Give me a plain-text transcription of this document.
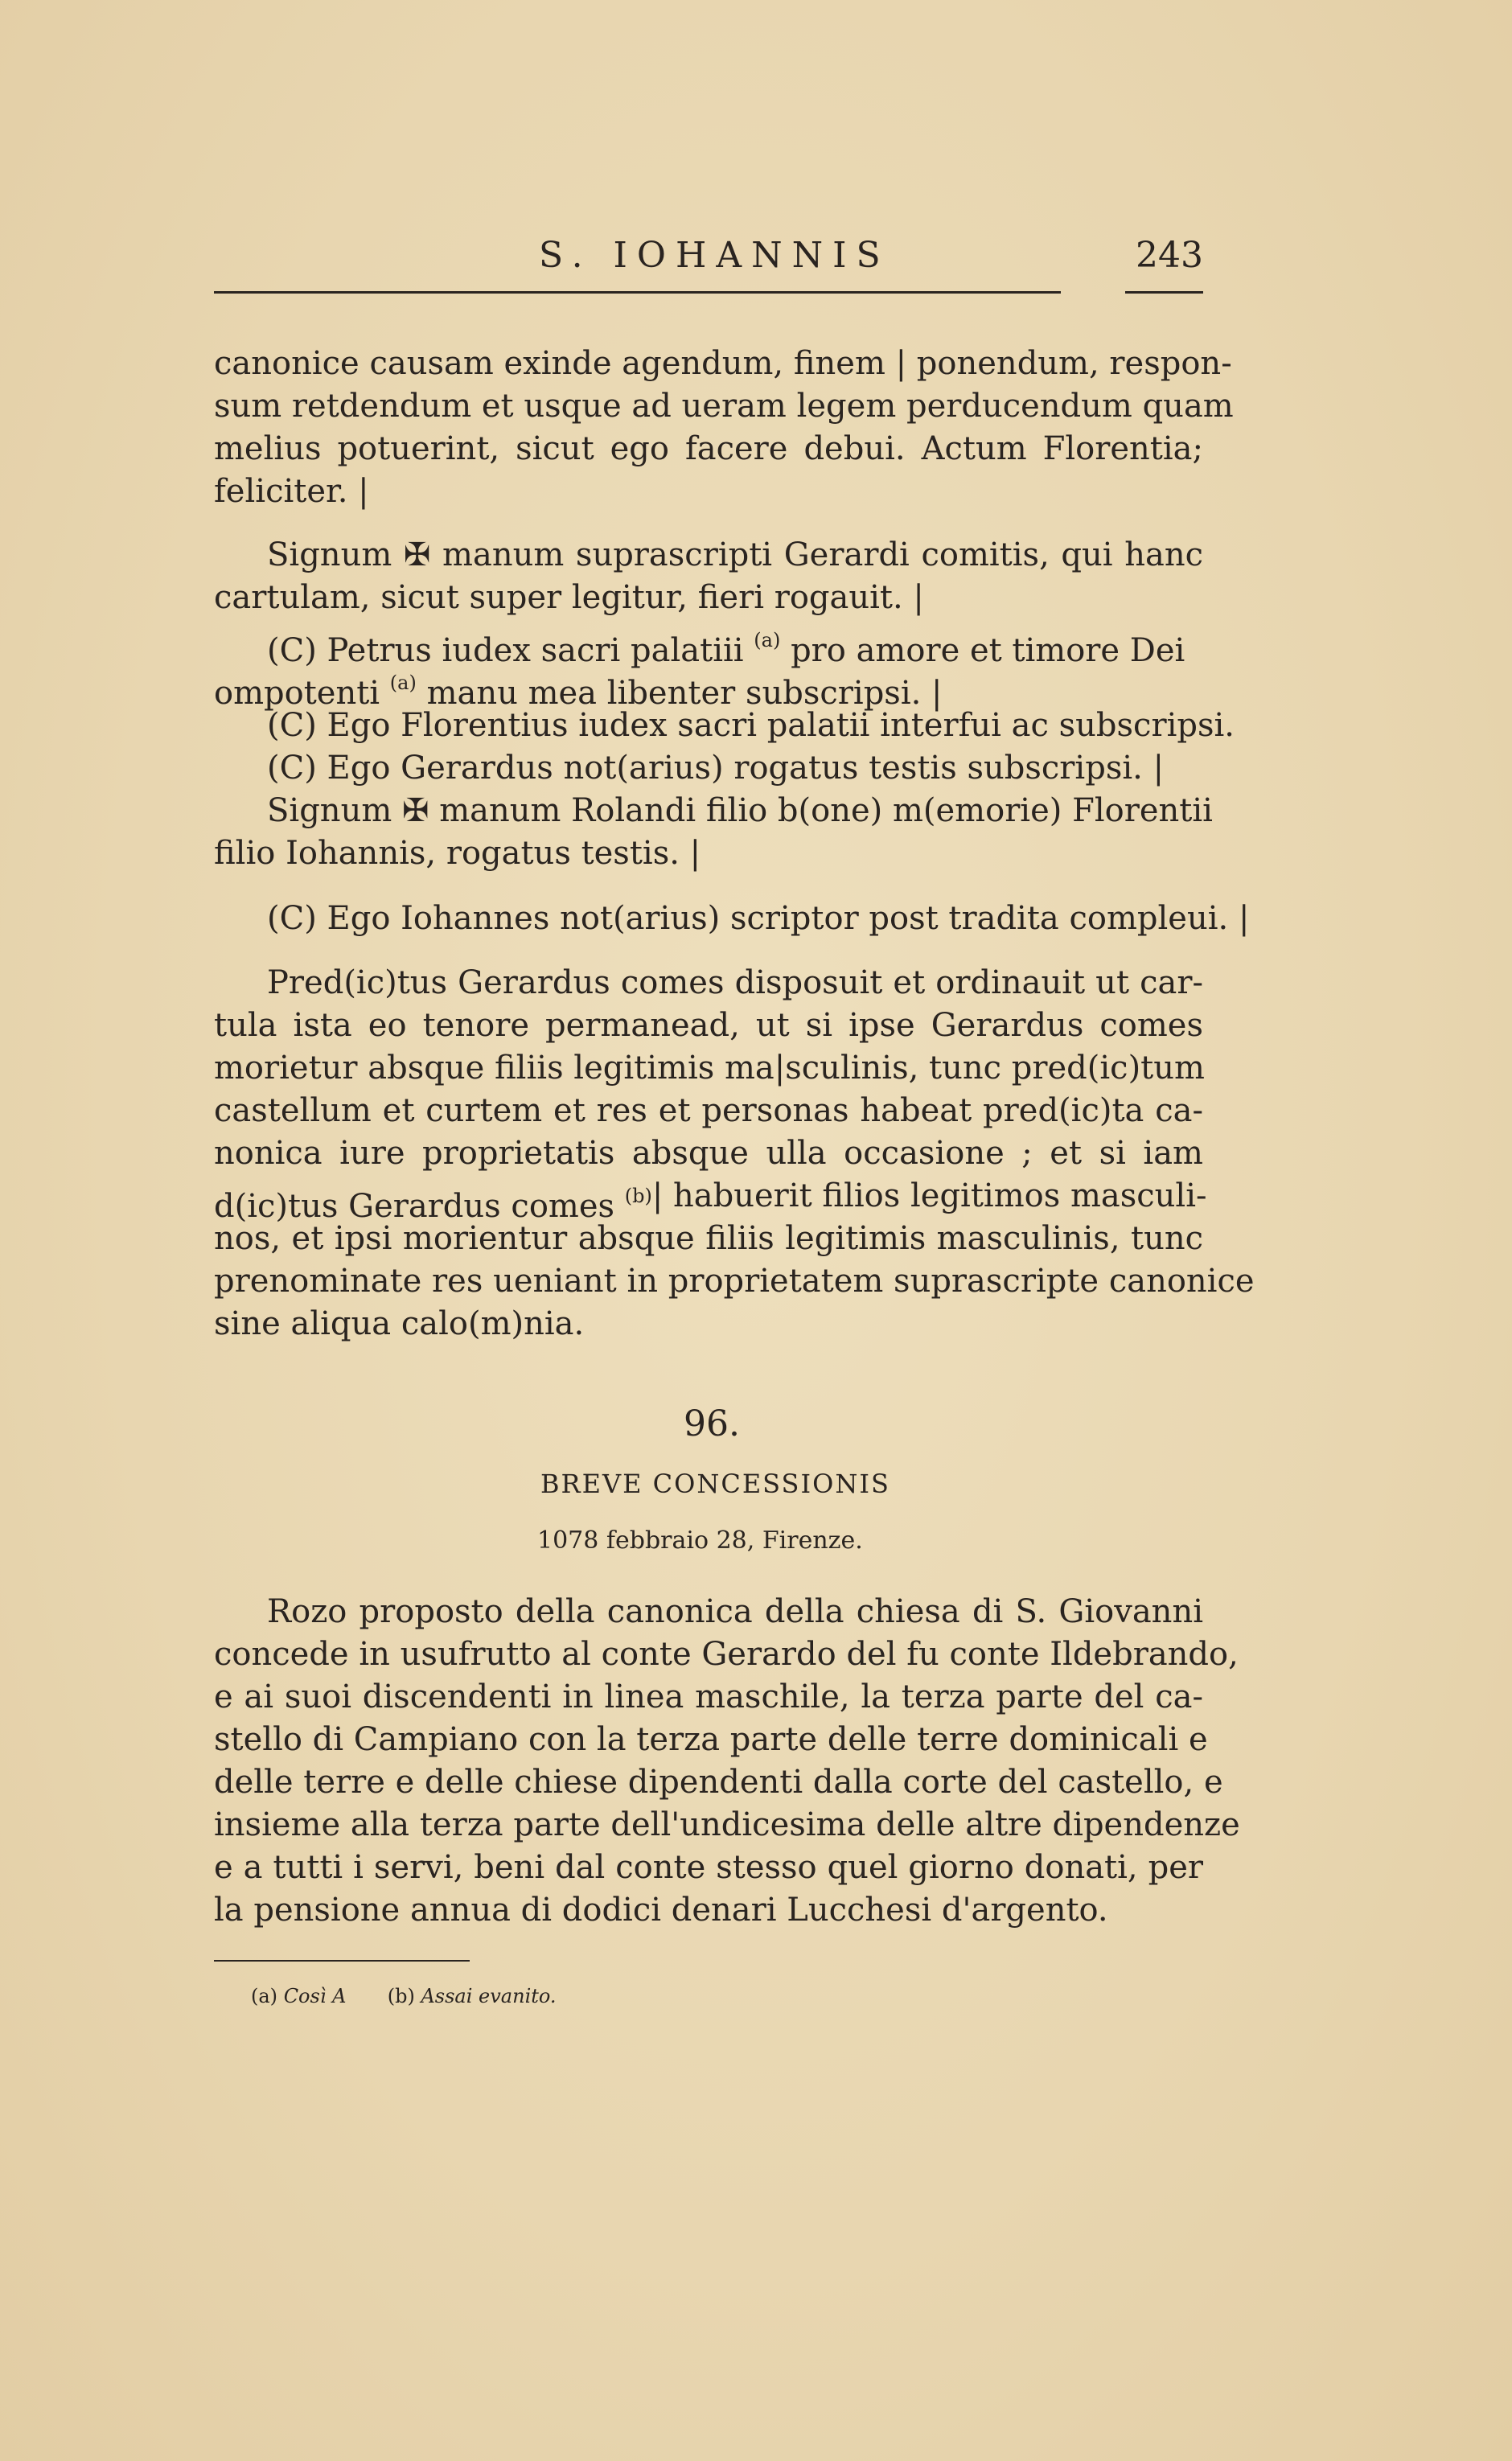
S. IOHANNIS	243
canonice causam exinde agendum, finem | ponendum, respon-
sum retdendum et usque ad ueram legem perducendum quam
melius potuerint, sicut ego facere debui. Actum Florentia;
feliciter. |
Signum ✠ manum suprascripti Gerardi comitis, qui hanc
cartulam, sicut super legitur, fieri rogauit. |
(C) Petrus iudex sacri palatiii $^{(a)}$ pro amore et timore Dei
ompotenti $^{(a)}$ manu mea libenter subscripsi. |
(C) Ego Florentius iudex sacri palatii interfui ac subscripsi.
(C) Ego Gerardus not(arius) rogatus testis subscripsi. |
Signum ✠ manum Rolandi filio b(one) m(emorie) Florentii
filio Iohannis, rogatus testis. |
(C) Ego Iohannes not(arius) scriptor post tradita compleui. |
Pred(ic)tus Gerardus comes disposuit et ordinauit ut car-
tula ista eo tenore permanead, ut si ipse Gerardus comes
morietur absque filiis legitimis ma|sculinis, tunc pred(ic)tum
castellum et curtem et res et personas habeat pred(ic)ta ca-
nonica iure proprietatis absque ulla occasione ; et si iam
d(ic)tus Gerardus comes $^{(b)}$ | habuerit filios legitimos masculi-
nos, et ipsi morientur absque filiis legitimis masculinis, tunc
prenominate res ueniant in proprietatem suprascripte canonice
sine aliqua calo(m)nia.
96.
BREVE CONCESSIONIS
1078 febbraio 28, Firenze.
Rozo proposto della canonica della chiesa di S. Giovanni
concede in usufrutto al conte Gerardo del fu conte Ildebrando,
e ai suoi discendenti in linea maschile, la terza parte del ca-
stello di Campiano con la terza parte delle terre dominicali e
delle terre e delle chiese dipendenti dalla corte del castello, e
insieme alla terza parte dell'undicesima delle altre dipendenze
e a tutti i servi, beni dal conte stesso quel giorno donati, per
la pensione annua di dodici denari Lucchesi d'argento.
(a) Così A (b) Assai evanito.
